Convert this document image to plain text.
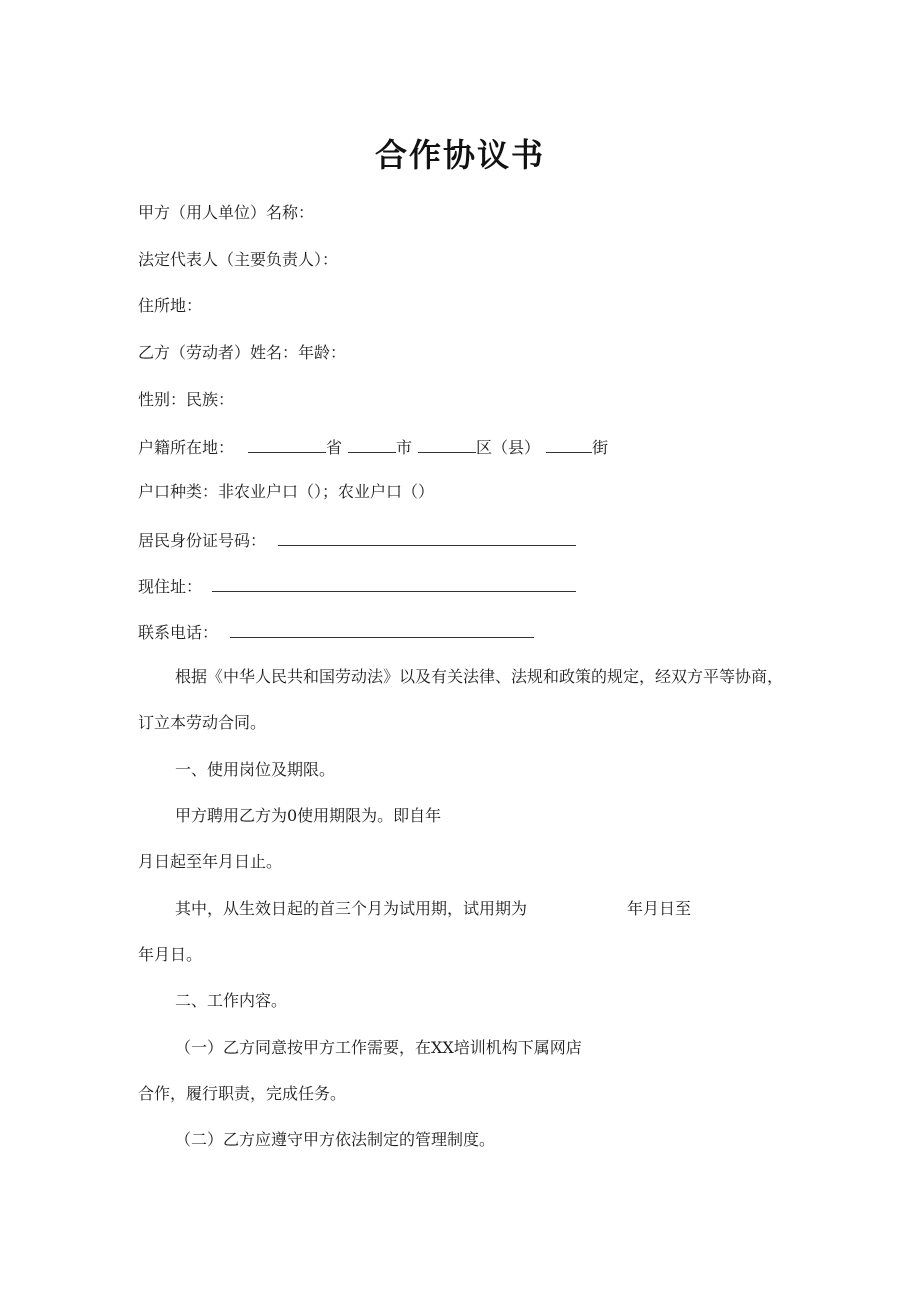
合作协议书
甲方（用人单位）名称：
法定代表人（主要负责人）：
住所地：
乙方（劳动者）姓名：年龄：
性别：民族：
户籍所在地：	省	市	区（县）	街
户口种类：非农业户口（）；农业户口（）
居民身份证号码：
现住址：
联系电话：
根据《中华人民共和国劳动法》以及有关法律、法规和政策的规定，经双方平等协商，
订立本劳动合同。
一、使用岗位及期限。
甲方聘用乙方为0使用期限为。即自年
月日起至年月日止。
其中，从生效日起的首三个月为试用期，试用期为	年月日至
年月日。
二、工作内容。
（一）乙方同意按甲方工作需要，在XX培训机构下属网店
合作，履行职责，完成任务。
（二）乙方应遵守甲方依法制定的管理制度。
